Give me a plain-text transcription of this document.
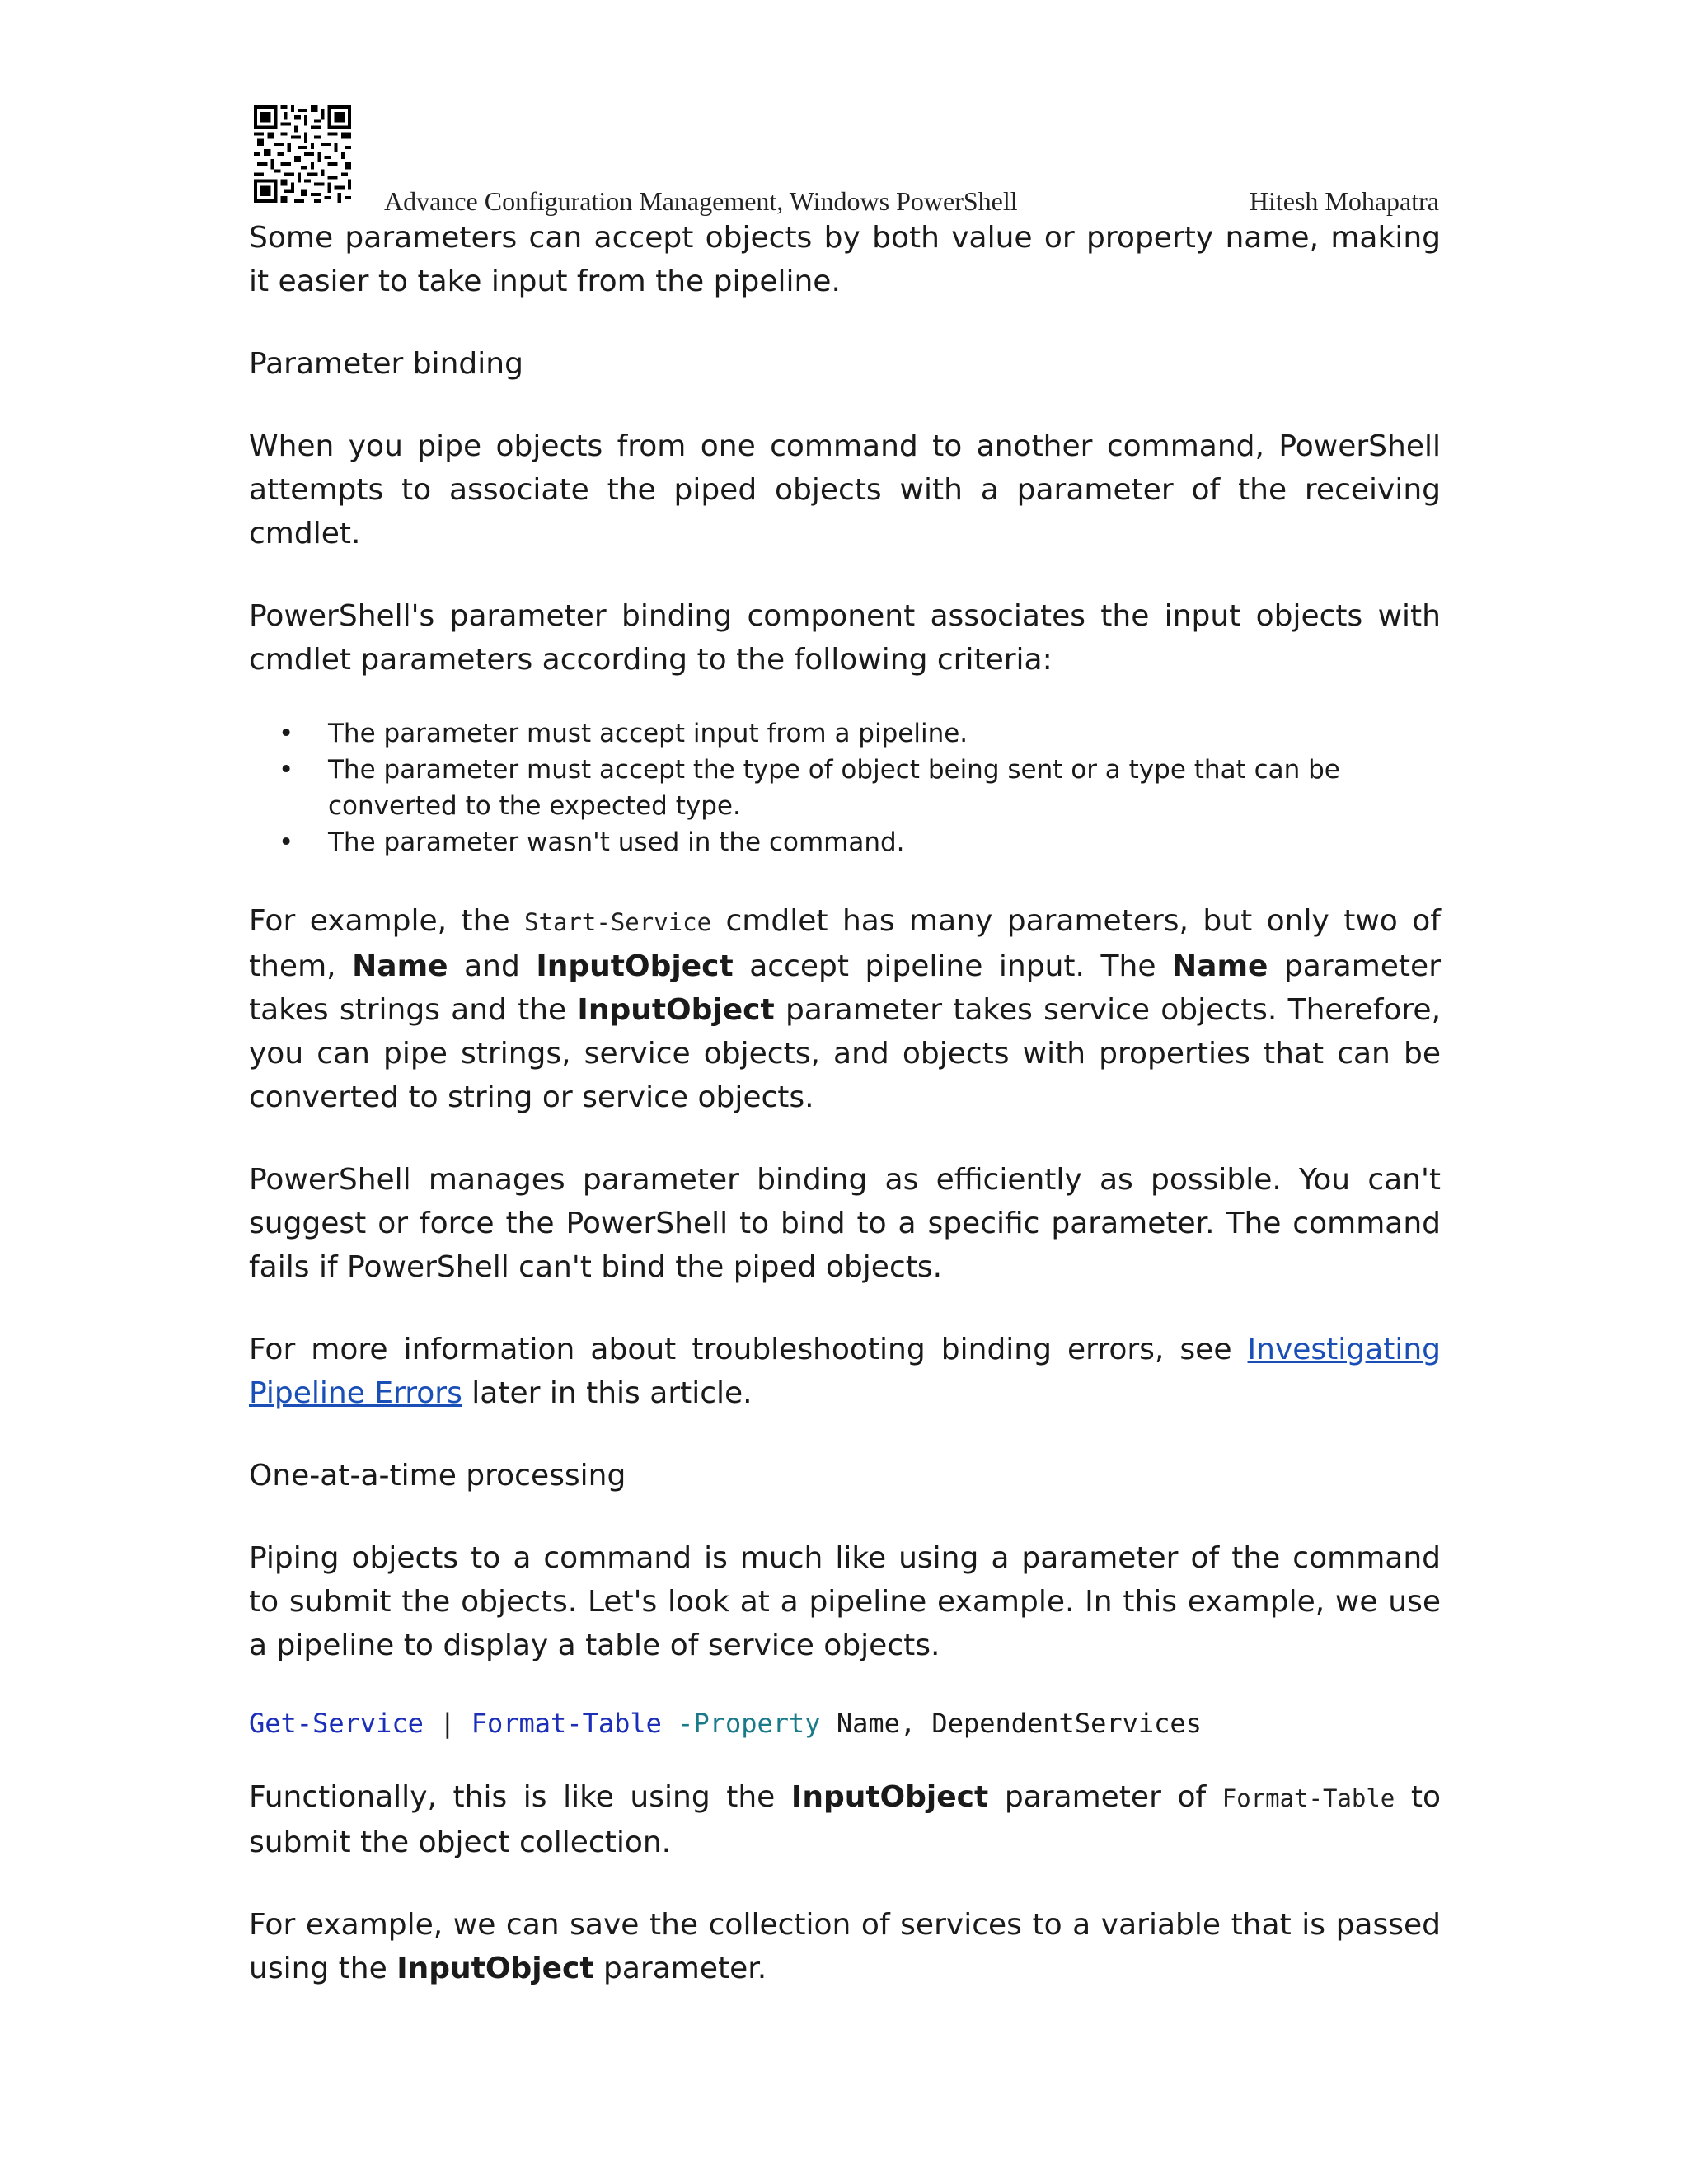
Advance Configuration Management, Windows PowerShell	Hitesh Mohapatra

Some parameters can accept objects by both value or property name, making it easier to take input from the pipeline.

Parameter binding

When you pipe objects from one command to another command, PowerShell attempts to associate the piped objects with a parameter of the receiving cmdlet.

PowerShell's parameter binding component associates the input objects with cmdlet parameters according to the following criteria:

• The parameter must accept input from a pipeline.
• The parameter must accept the type of object being sent or a type that can be converted to the expected type.
• The parameter wasn't used in the command.

For example, the Start-Service cmdlet has many parameters, but only two of them, Name and InputObject accept pipeline input. The Name parameter takes strings and the InputObject parameter takes service objects. Therefore, you can pipe strings, service objects, and objects with properties that can be converted to string or service objects.

PowerShell manages parameter binding as efficiently as possible. You can't suggest or force the PowerShell to bind to a specific parameter. The command fails if PowerShell can't bind the piped objects.

For more information about troubleshooting binding errors, see Investigating Pipeline Errors later in this article.

One-at-a-time processing

Piping objects to a command is much like using a parameter of the command to submit the objects. Let's look at a pipeline example. In this example, we use a pipeline to display a table of service objects.

Get-Service | Format-Table -Property Name, DependentServices

Functionally, this is like using the InputObject parameter of Format-Table to submit the object collection.

For example, we can save the collection of services to a variable that is passed using the InputObject parameter.
